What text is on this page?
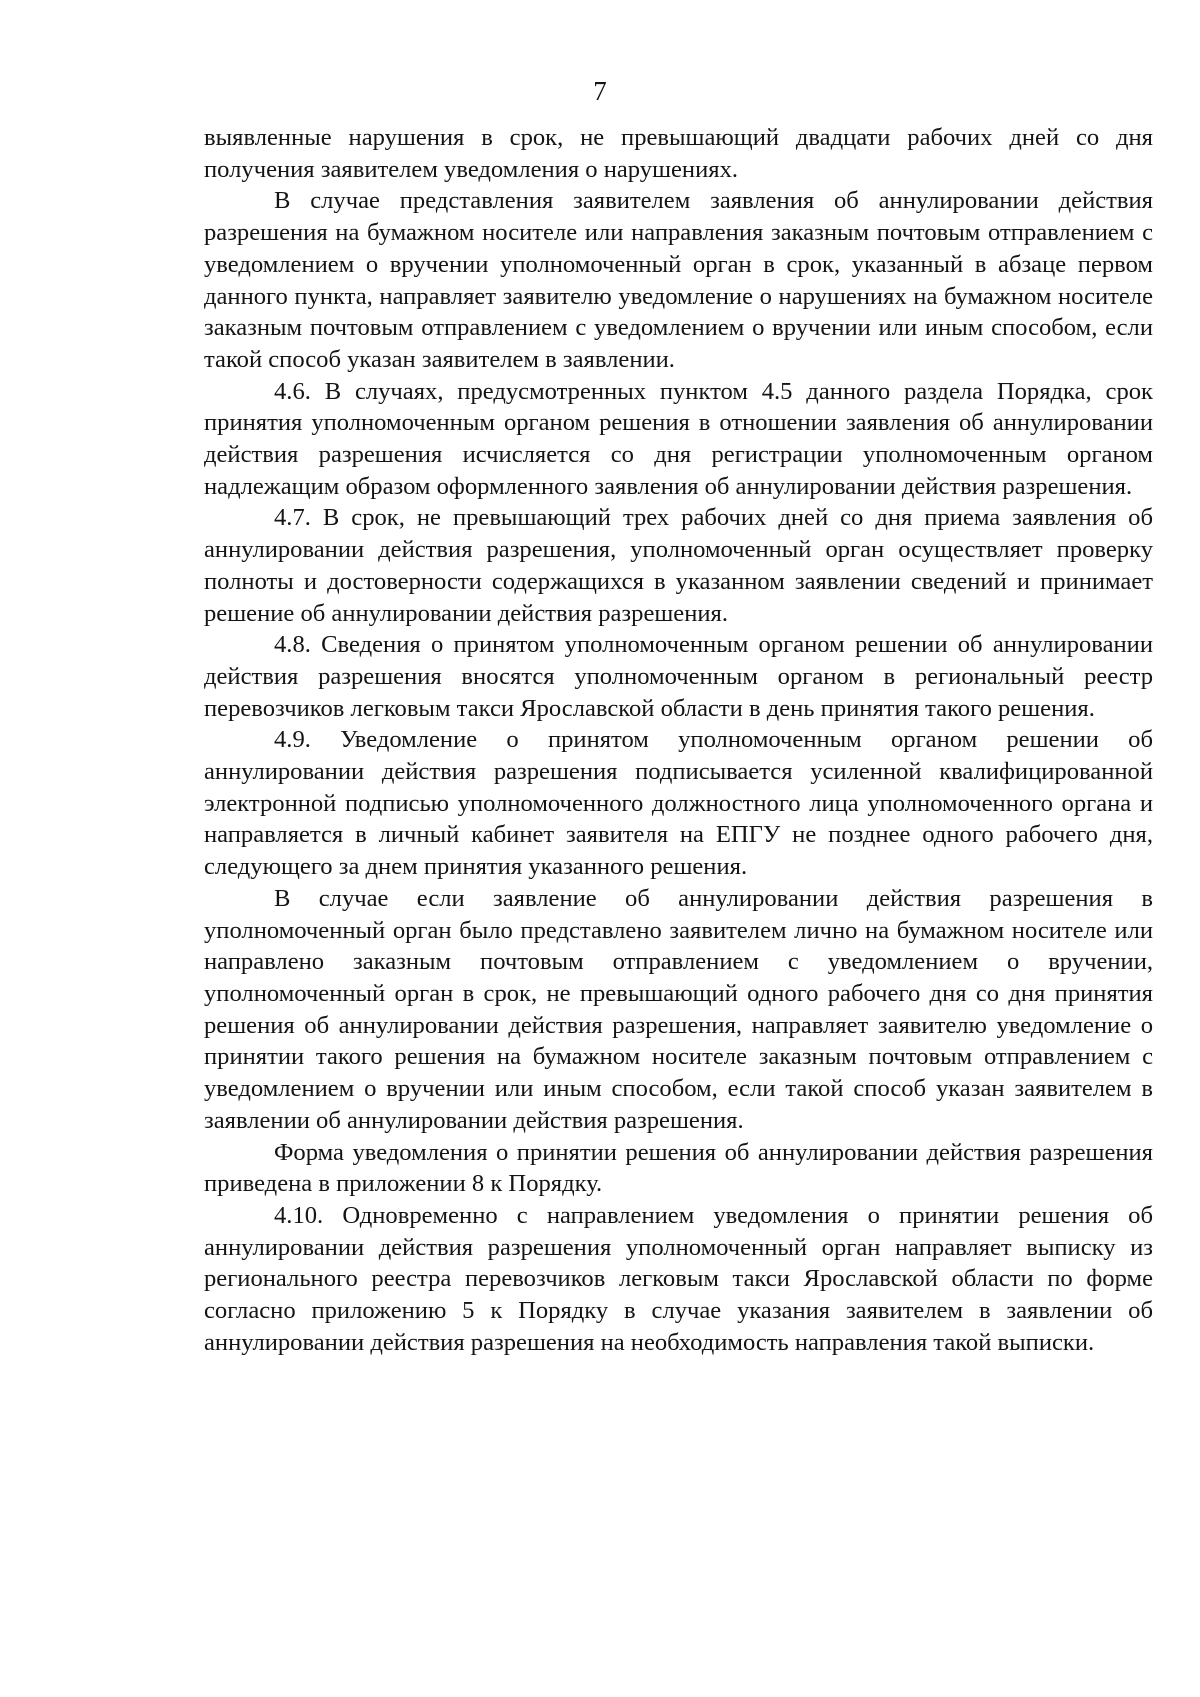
7

выявленные нарушения в срок, не превышающий двадцати рабочих дней со дня получения заявителем уведомления о нарушениях.

В случае представления заявителем заявления об аннулировании действия разрешения на бумажном носителе или направления заказным почтовым отправлением с уведомлением о вручении уполномоченный орган в срок, указанный в абзаце первом данного пункта, направляет заявителю уведомление о нарушениях на бумажном носителе заказным почтовым отправлением с уведомлением о вручении или иным способом, если такой способ указан заявителем в заявлении.

4.6. В случаях, предусмотренных пунктом 4.5 данного раздела Порядка, срок принятия уполномоченным органом решения в отношении заявления об аннулировании действия разрешения исчисляется со дня регистрации уполномоченным органом надлежащим образом оформленного заявления об аннулировании действия разрешения.

4.7. В срок, не превышающий трех рабочих дней со дня приема заявления об аннулировании действия разрешения, уполномоченный орган осуществляет проверку полноты и достоверности содержащихся в указанном заявлении сведений и принимает решение об аннулировании действия разрешения.

4.8. Сведения о принятом уполномоченным органом решении об аннулировании действия разрешения вносятся уполномоченным органом в региональный реестр перевозчиков легковым такси Ярославской области в день принятия такого решения.

4.9. Уведомление о принятом уполномоченным органом решении об аннулировании действия разрешения подписывается усиленной квалифицированной электронной подписью уполномоченного должностного лица уполномоченного органа и направляется в личный кабинет заявителя на ЕПГУ не позднее одного рабочего дня, следующего за днем принятия указанного решения.

В случае если заявление об аннулировании действия разрешения в уполномоченный орган было представлено заявителем лично на бумажном носителе или направлено заказным почтовым отправлением с уведомлением о вручении, уполномоченный орган в срок, не превышающий одного рабочего дня со дня принятия решения об аннулировании действия разрешения, направляет заявителю уведомление о принятии такого решения на бумажном носителе заказным почтовым отправлением с уведомлением о вручении или иным способом, если такой способ указан заявителем в заявлении об аннулировании действия разрешения.

Форма уведомления о принятии решения об аннулировании действия разрешения приведена в приложении 8 к Порядку.

4.10. Одновременно с направлением уведомления о принятии решения об аннулировании действия разрешения уполномоченный орган направляет выписку из регионального реестра перевозчиков легковым такси Ярославской области по форме согласно приложению 5 к Порядку в случае указания заявителем в заявлении об аннулировании действия разрешения на необходимость направления такой выписки.
